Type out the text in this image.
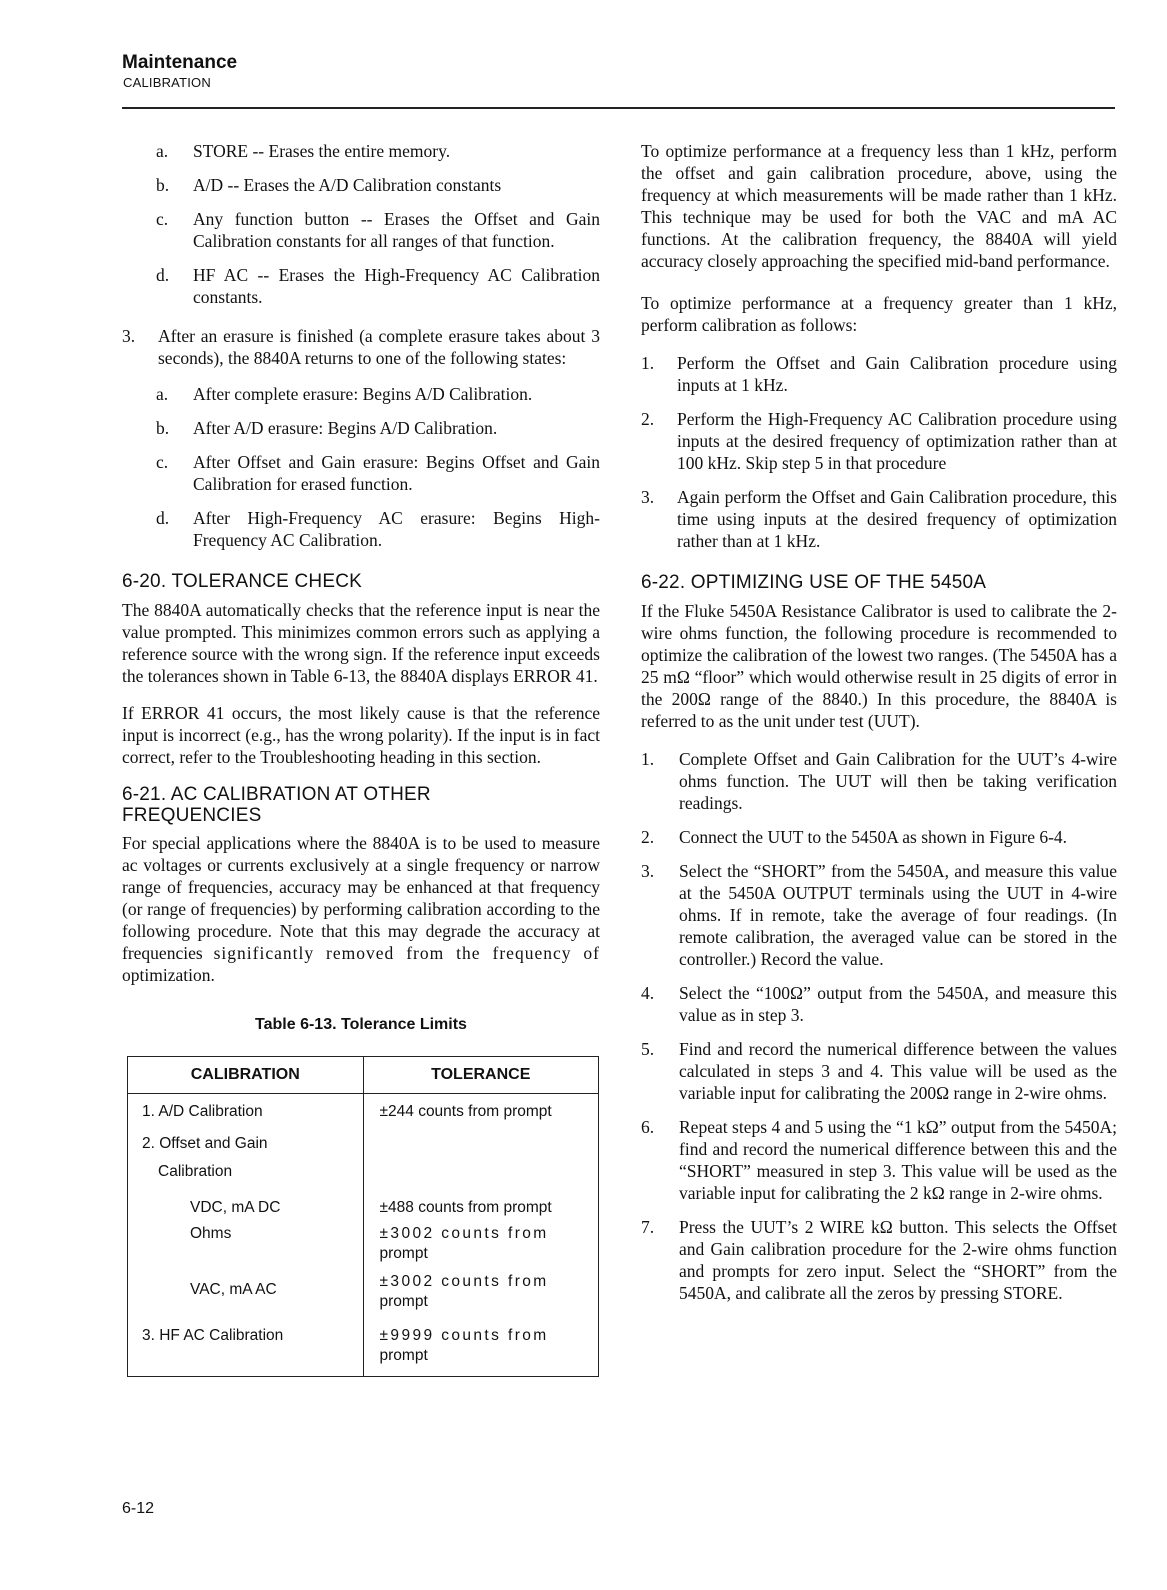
Maintenance
CALIBRATION
a.	STORE -- Erases the entire memory.
b.	A/D -- Erases the A/D Calibration constants
c.	Any function button -- Erases the Offset and Gain Calibration constants for all ranges of that function.
d.	HF AC -- Erases the High-Frequency AC Calibration constants.
3.	After an erasure is finished (a complete erasure takes about 3 seconds), the 8840A returns to one of the following states:
a.	After complete erasure: Begins A/D Calibration.
b.	After A/D erasure: Begins A/D Calibration.
c.	After Offset and Gain erasure: Begins Offset and Gain Calibration for erased function.
d.	After High-Frequency AC erasure: Begins High-Frequency AC Calibration.
6-20. TOLERANCE CHECK

The 8840A automatically checks that the reference input is near the value prompted. This minimizes common errors such as applying a reference source with the wrong sign. If the reference input exceeds the tolerances shown in Table 6-13, the 8840A displays ERROR 41.

If ERROR 41 occurs, the most likely cause is that the reference input is incorrect (e.g., has the wrong polarity). If the input is in fact correct, refer to the Troubleshooting heading in this section.

6-21. AC CALIBRATION AT OTHER
FREQUENCIES

For special applications where the 8840A is to be used to measure ac voltages or currents exclusively at a single frequency or narrow range of frequencies, accuracy may be enhanced at that frequency (or range of frequencies) by performing calibration according to the following procedure. Note that this may degrade the accuracy at frequencies significantly removed from the frequency of optimization.

Table 6-13. Tolerance Limits
CALIBRATION	TOLERANCE
1. A/D Calibration	±244 counts from prompt
2. Offset and Gain
Calibration	
VDC, mA DC	±488 counts from prompt
Ohms	±3002 counts from
prompt
VAC, mA AC	±3002 counts from
prompt
3. HF AC Calibration	±9999 counts from
prompt

To optimize performance at a frequency less than 1 kHz, perform the offset and gain calibration procedure, above, using the frequency at which measurements will be made rather than 1 kHz. This technique may be used for both the VAC and mA AC functions. At the calibration frequency, the 8840A will yield accuracy closely approaching the specified mid-band performance.

To optimize performance at a frequency greater than 1 kHz, perform calibration as follows:

1.	Perform the Offset and Gain Calibration procedure using inputs at 1 kHz.
2.	Perform the High-Frequency AC Calibration procedure using inputs at the desired frequency of optimization rather than at 100 kHz. Skip step 5 in that procedure
3.	Again perform the Offset and Gain Calibration procedure, this time using inputs at the desired frequency of optimization rather than at 1 kHz.
6-22. OPTIMIZING USE OF THE 5450A

If the Fluke 5450A Resistance Calibrator is used to calibrate the 2-wire ohms function, the following procedure is recommended to optimize the calibration of the lowest two ranges. (The 5450A has a 25 mΩ “floor” which would otherwise result in 25 digits of error in the 200Ω range of the 8840.) In this procedure, the 8840A is referred to as the unit under test (UUT).

1.	Complete Offset and Gain Calibration for the UUT’s 4-wire ohms function. The UUT will then be taking verification readings.
2.	Connect the UUT to the 5450A as shown in Figure 6-4.
3.	Select the “SHORT” from the 5450A, and measure this value at the 5450A OUTPUT terminals using the UUT in 4-wire ohms. If in remote, take the average of four readings. (In remote calibration, the averaged value can be stored in the controller.) Record the value.
4.	Select the “100Ω” output from the 5450A, and measure this value as in step 3.
5.	Find and record the numerical difference between the values calculated in steps 3 and 4. This value will be used as the variable input for calibrating the 200Ω range in 2-wire ohms.
6.	Repeat steps 4 and 5 using the “1 kΩ” output from the 5450A; find and record the numerical difference between this and the “SHORT” measured in step 3. This value will be used as the variable input for calibrating the 2 kΩ range in 2-wire ohms.
7.	Press the UUT’s 2 WIRE kΩ button. This selects the Offset and Gain calibration procedure for the 2-wire ohms function and prompts for zero input. Select the “SHORT” from the 5450A, and calibrate all the zeros by pressing STORE.
6-12
